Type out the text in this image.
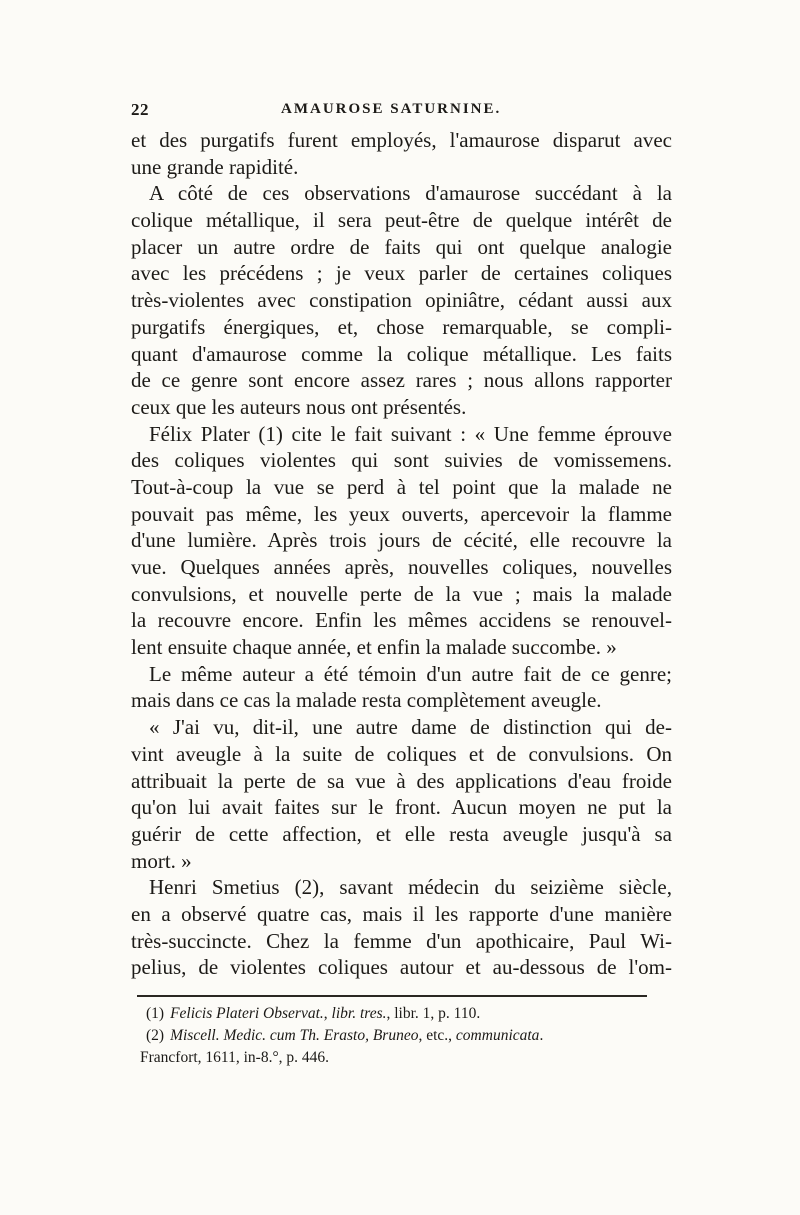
22	AMAUROSE SATURNINE.
et des purgatifs furent employés, l'amaurose disparut avec
une grande rapidité.
A côté de ces observations d'amaurose succédant à la
colique métallique, il sera peut-être de quelque intérêt de
placer un autre ordre de faits qui ont quelque analogie
avec les précédens ; je veux parler de certaines coliques
très-violentes avec constipation opiniâtre, cédant aussi aux
purgatifs énergiques, et, chose remarquable, se compli-
quant d'amaurose comme la colique métallique. Les faits
de ce genre sont encore assez rares ; nous allons rapporter
ceux que les auteurs nous ont présentés.
Félix Plater (1) cite le fait suivant : « Une femme éprouve
des coliques violentes qui sont suivies de vomissemens.
Tout-à-coup la vue se perd à tel point que la malade ne
pouvait pas même, les yeux ouverts, apercevoir la flamme
d'une lumière. Après trois jours de cécité, elle recouvre la
vue. Quelques années après, nouvelles coliques, nouvelles
convulsions, et nouvelle perte de la vue ; mais la malade
la recouvre encore. Enfin les mêmes accidens se renouvel-
lent ensuite chaque année, et enfin la malade succombe. »
Le même auteur a été témoin d'un autre fait de ce genre;
mais dans ce cas la malade resta complètement aveugle.
« J'ai vu, dit-il, une autre dame de distinction qui de-
vint aveugle à la suite de coliques et de convulsions. On
attribuait la perte de sa vue à des applications d'eau froide
qu'on lui avait faites sur le front. Aucun moyen ne put la
guérir de cette affection, et elle resta aveugle jusqu'à sa
mort. »
Henri Smetius (2), savant médecin du seizième siècle,
en a observé quatre cas, mais il les rapporte d'une manière
très-succincte. Chez la femme d'un apothicaire, Paul Wi-
pelius, de violentes coliques autour et au-dessous de l'om-
(1) Felicis Plateri Observat., libr. tres., libr. 1, p. 110.
(2) Miscell. Medic. cum Th. Erasto, Bruneo, etc., communicata.
Francfort, 1611, in-8.°, p. 446.
